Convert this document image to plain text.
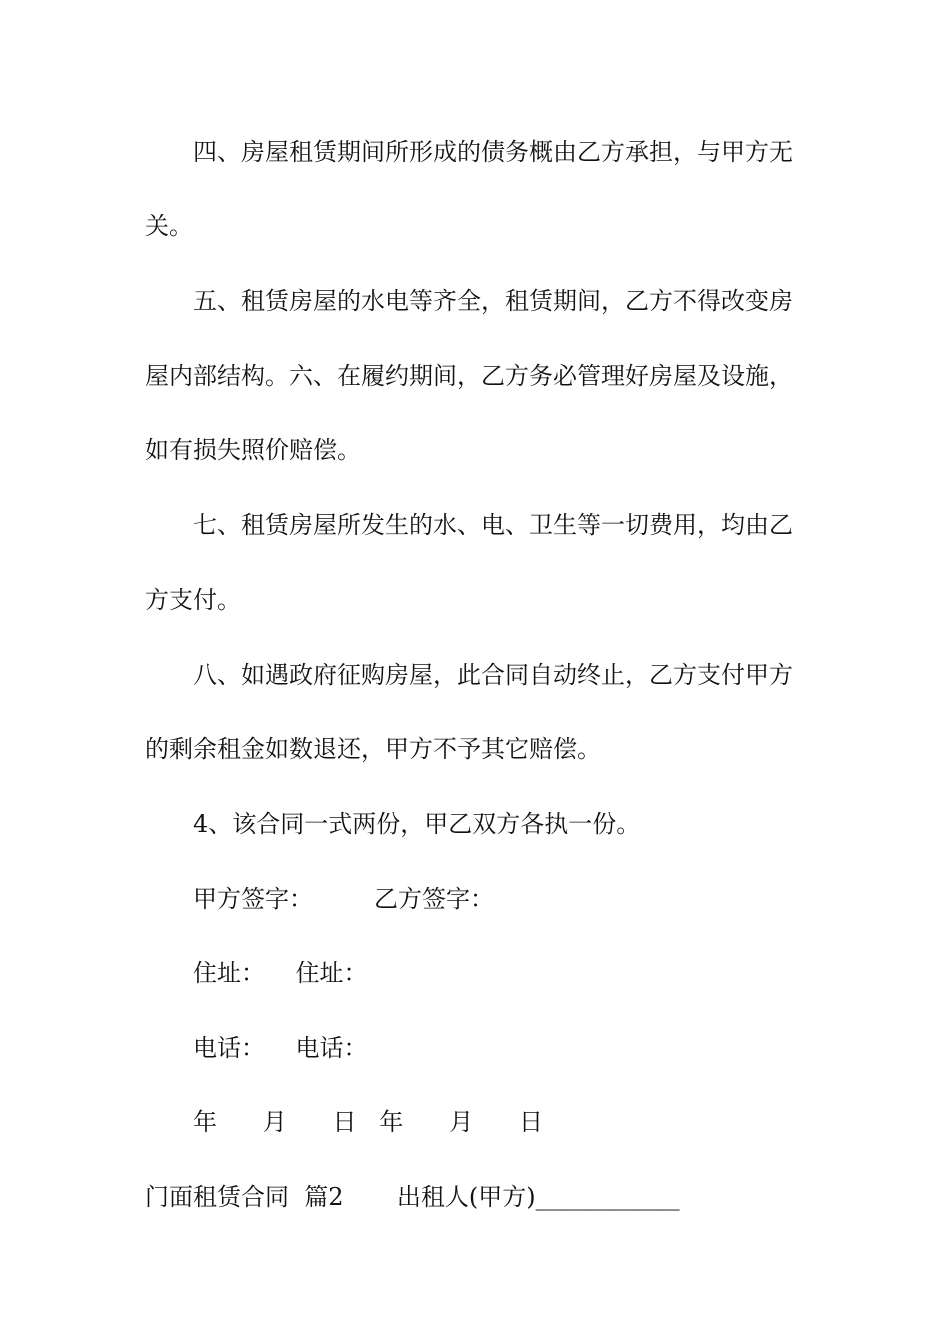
四、房屋租赁期间所形成的债务概由乙方承担，与甲方无
关。
五、租赁房屋的水电等齐全，租赁期间，乙方不得改变房
屋内部结构。六、在履约期间，乙方务必管理好房屋及设施，
如有损失照价赔偿。
七、租赁房屋所发生的水、电、卫生等一切费用，均由乙
方支付。
八、如遇政府征购房屋，此合同自动终止，乙方支付甲方
的剩余租金如数退还，甲方不予其它赔偿。
4、该合同一式两份，甲乙双方各执一份。
甲方签字：        乙方签字：
住址：    住址：
电话：    电话：
年      月      日   年      月      日
门面租赁合同  篇2       出租人(甲方)____________
